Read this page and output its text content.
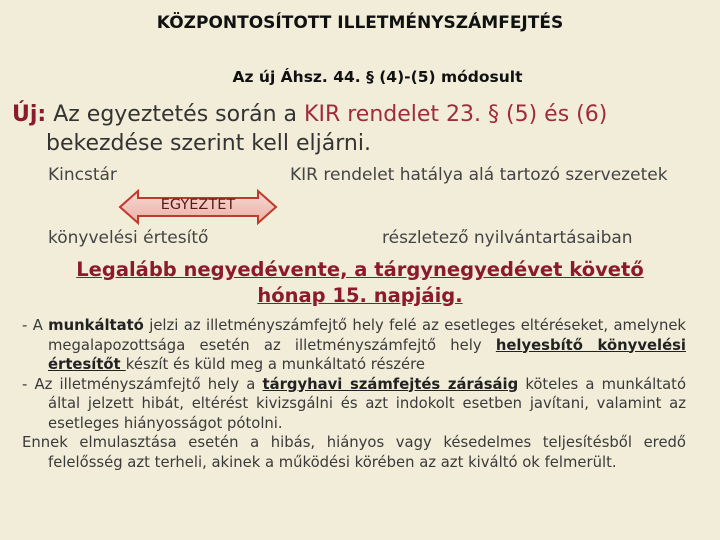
KÖZPONTOSÍTOTT ILLETMÉNYSZÁMFEJTÉS
Az új Áhsz. 44. § (4)-(5) módosult
Új: Az egyeztetés során a KIR rendelet 23. § (5) és (6)
bekezdése szerint kell eljárni.
Kincstár	KIR rendelet hatálya alá tartozó szervezetek
EGYEZTET
könyvelési értesítő	részletező nyilvántartásaiban
Legalább negyedévente, a tárgynegyedévet követő
hónap 15. napjáig.

- A munkáltató jelzi az illetményszámfejtő hely felé az esetleges eltéréseket, amelynek megalapozottsága esetén az illetményszámfejtő hely helyesbítő könyvelési értesítőt készít és küld meg a munkáltató részére

- Az illetményszámfejtő hely a tárgyhavi számfejtés zárásáig köteles a munkáltató által jelzett hibát, eltérést kivizsgálni és azt indokolt esetben javítani, valamint az esetleges hiányosságot pótolni.

Ennek elmulasztása esetén a hibás, hiányos vagy késedelmes teljesítésből eredő felelősség azt terheli, akinek a működési körében az azt kiváltó ok felmerült.
